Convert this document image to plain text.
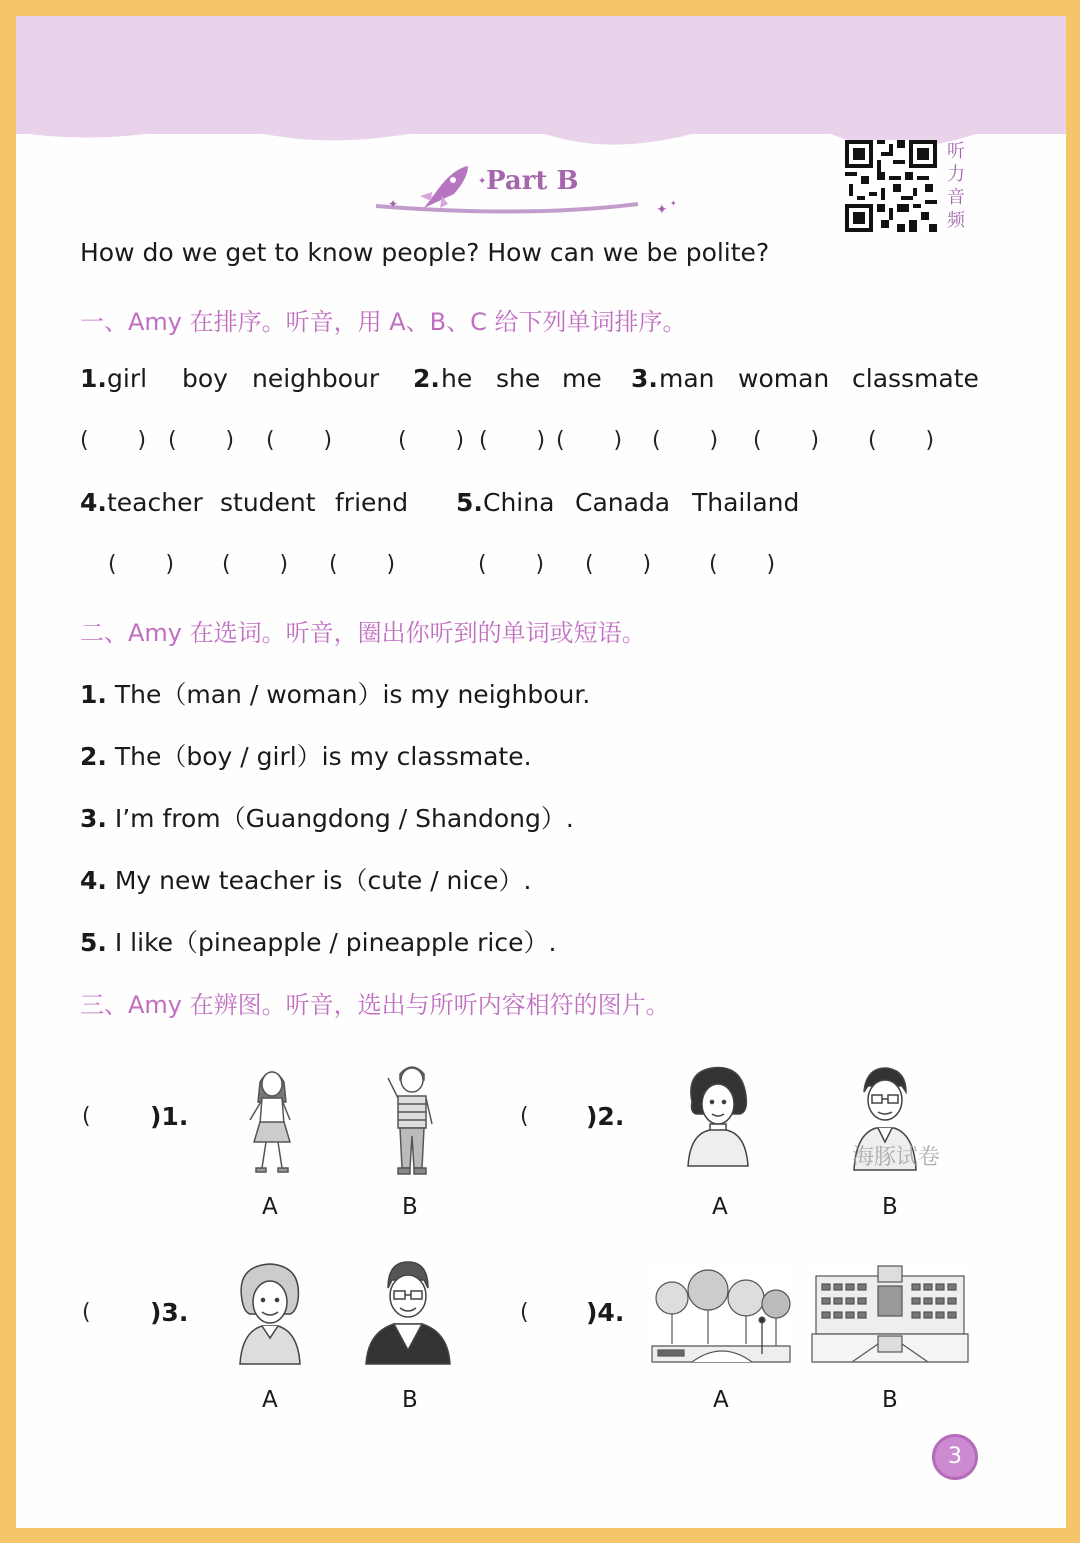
✦
✦
✦ ✦
Part B
听
力
音
频
How do we get to know people? How can we be polite?
一、Amy 在排序。听音，用 A、B、C 给下列单词排序。
1. girl boy neighbour 2. he she me 3. man woman classmate
(       ) (       ) (       )	(       ) (       ) (       ) (       ) (       ) (       )
4. teacher student friend 5. China Canada Thailand
(       ) (       ) (       )	(       ) (       )	(       )
二、Amy 在选词。听音，圈出你听到的单词或短语。
1. The（man / woman）is my neighbour.
2. The（boy / girl）is my classmate.
3. I’m from（Guangdong / Shandong）.
4. My new teacher is（cute / nice）.
5. I like（pineapple / pineapple rice）.
三、Amy 在辨图。听音，选出与所听内容相符的图片。
( )1.
A	B
( )2.
A
海豚试卷
B
( )3.
A	B
( )4.
A	B
3
